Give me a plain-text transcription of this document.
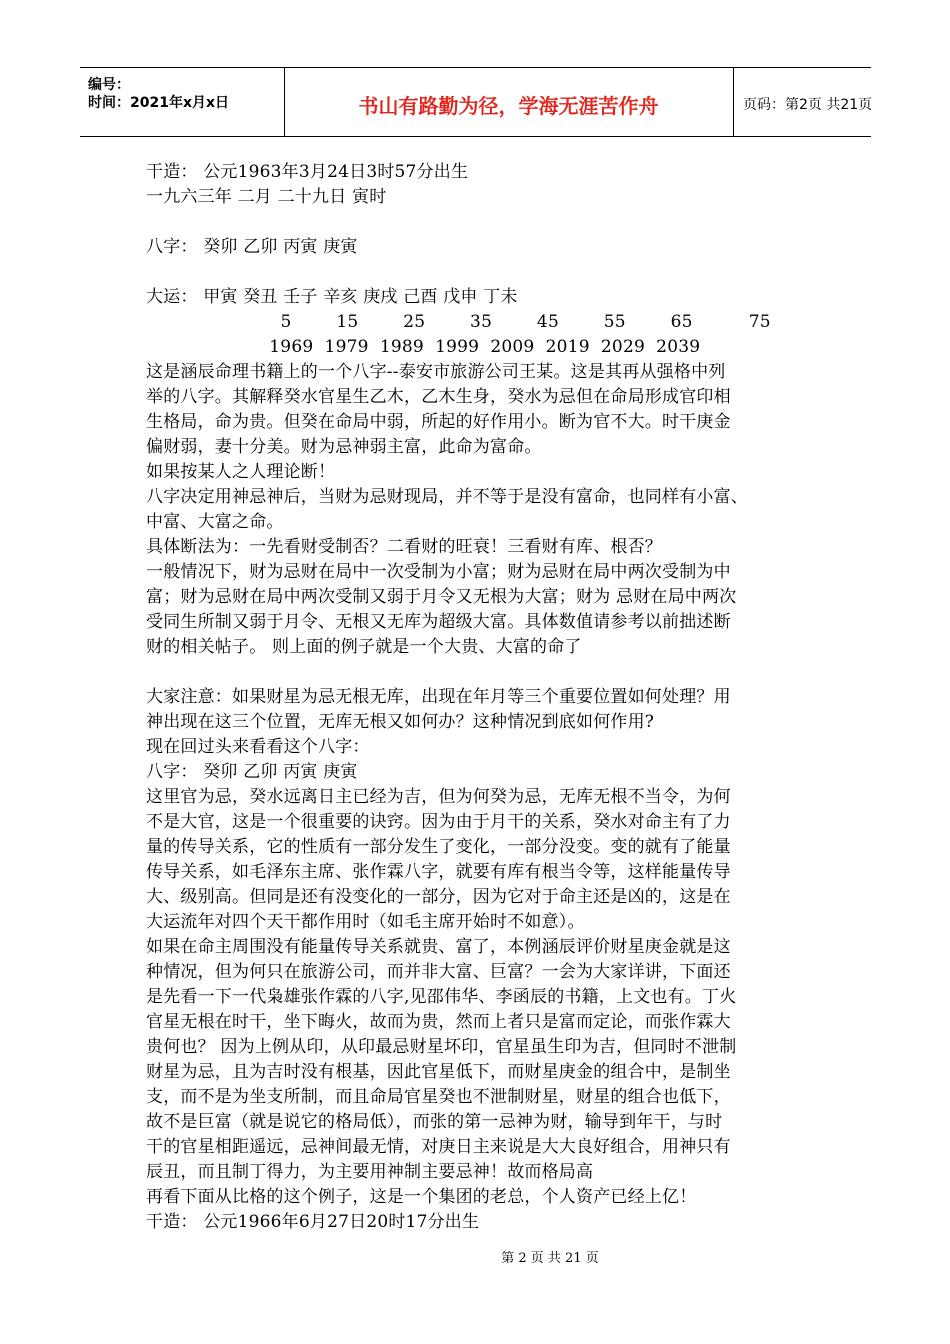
编号：
时间：2021年x月x日	书山有路勤为径，学海无涯苦作舟	页码：第2页 共21页

干造： 公元1963年3月24日3时57分出生

一九六三年 二月 二十九日 寅时

八字： 癸卯 乙卯 丙寅 庚寅

大运： 甲寅 癸丑 壬子 辛亥 庚戌 己酉 戊申 丁未

5        15        25        35        45        55        65          75

1969  1979  1989  1999  2009  2019  2029  2039

这是涵辰命理书籍上的一个八字--泰安市旅游公司王某。这是其再从强格中列

举的八字。其解释癸水官星生乙木，乙木生身，癸水为忌但在命局形成官印相

生格局，命为贵。但癸在命局中弱，所起的好作用小。断为官不大。时干庚金

偏财弱，妻十分美。财为忌神弱主富，此命为富命。

如果按某人之人理论断！

八字决定用神忌神后，当财为忌财现局，并不等于是没有富命，也同样有小富、

中富、大富之命。

具体断法为：一先看财受制否？二看财的旺衰！三看财有库、根否？

一般情况下，财为忌财在局中一次受制为小富；财为忌财在局中两次受制为中

富；财为忌财在局中两次受制又弱于月令又无根为大富；财为 忌财在局中两次

受同生所制又弱于月令、无根又无库为超级大富。具体数值请参考以前拙述断

财的相关帖子。 则上面的例子就是一个大贵、大富的命了

大家注意：如果财星为忌无根无库，出现在年月等三个重要位置如何处理？用

神出现在这三个位置，无库无根又如何办？这种情况到底如何作用?

现在回过头来看看这个八字：

八字： 癸卯 乙卯 丙寅 庚寅

这里官为忌，癸水远离日主已经为吉，但为何癸为忌，无库无根不当令，为何

不是大官，这是一个很重要的诀窍。因为由于月干的关系，癸水对命主有了力

量的传导关系，它的性质有一部分发生了变化，一部分没变。变的就有了能量

传导关系，如毛泽东主席、张作霖八字，就要有库有根当令等，这样能量传导

大、级别高。但同是还有没变化的一部分，因为它对于命主还是凶的，这是在

大运流年对四个天干都作用时（如毛主席开始时不如意）。

如果在命主周围没有能量传导关系就贵、富了，本例涵辰评价财星庚金就是这

种情况，但为何只在旅游公司，而并非大富、巨富？一会为大家详讲，下面还

是先看一下一代枭雄张作霖的八字,见邵伟华、李函辰的书籍，上文也有。丁火

官星无根在时干，坐下晦火，故而为贵，然而上者只是富而定论，而张作霖大

贵何也？ 因为上例从印，从印最忌财星坏印，官星虽生印为吉，但同时不泄制

财星为忌，且为吉时没有根基，因此官星低下，而财星庚金的组合中，是制坐

支，而不是为坐支所制，而且命局官星癸也不泄制财星，财星的组合也低下，

故不是巨富（就是说它的格局低），而张的第一忌神为财，输导到年干，与时

干的官星相距遥远，忌神间最无情，对庚日主来说是大大良好组合，用神只有

辰丑，而且制丁得力，为主要用神制主要忌神！故而格局高

再看下面从比格的这个例子，这是一个集团的老总，个人资产已经上亿！

干造： 公元1966年6月27日20时17分出生

第 2 页 共 21 页
